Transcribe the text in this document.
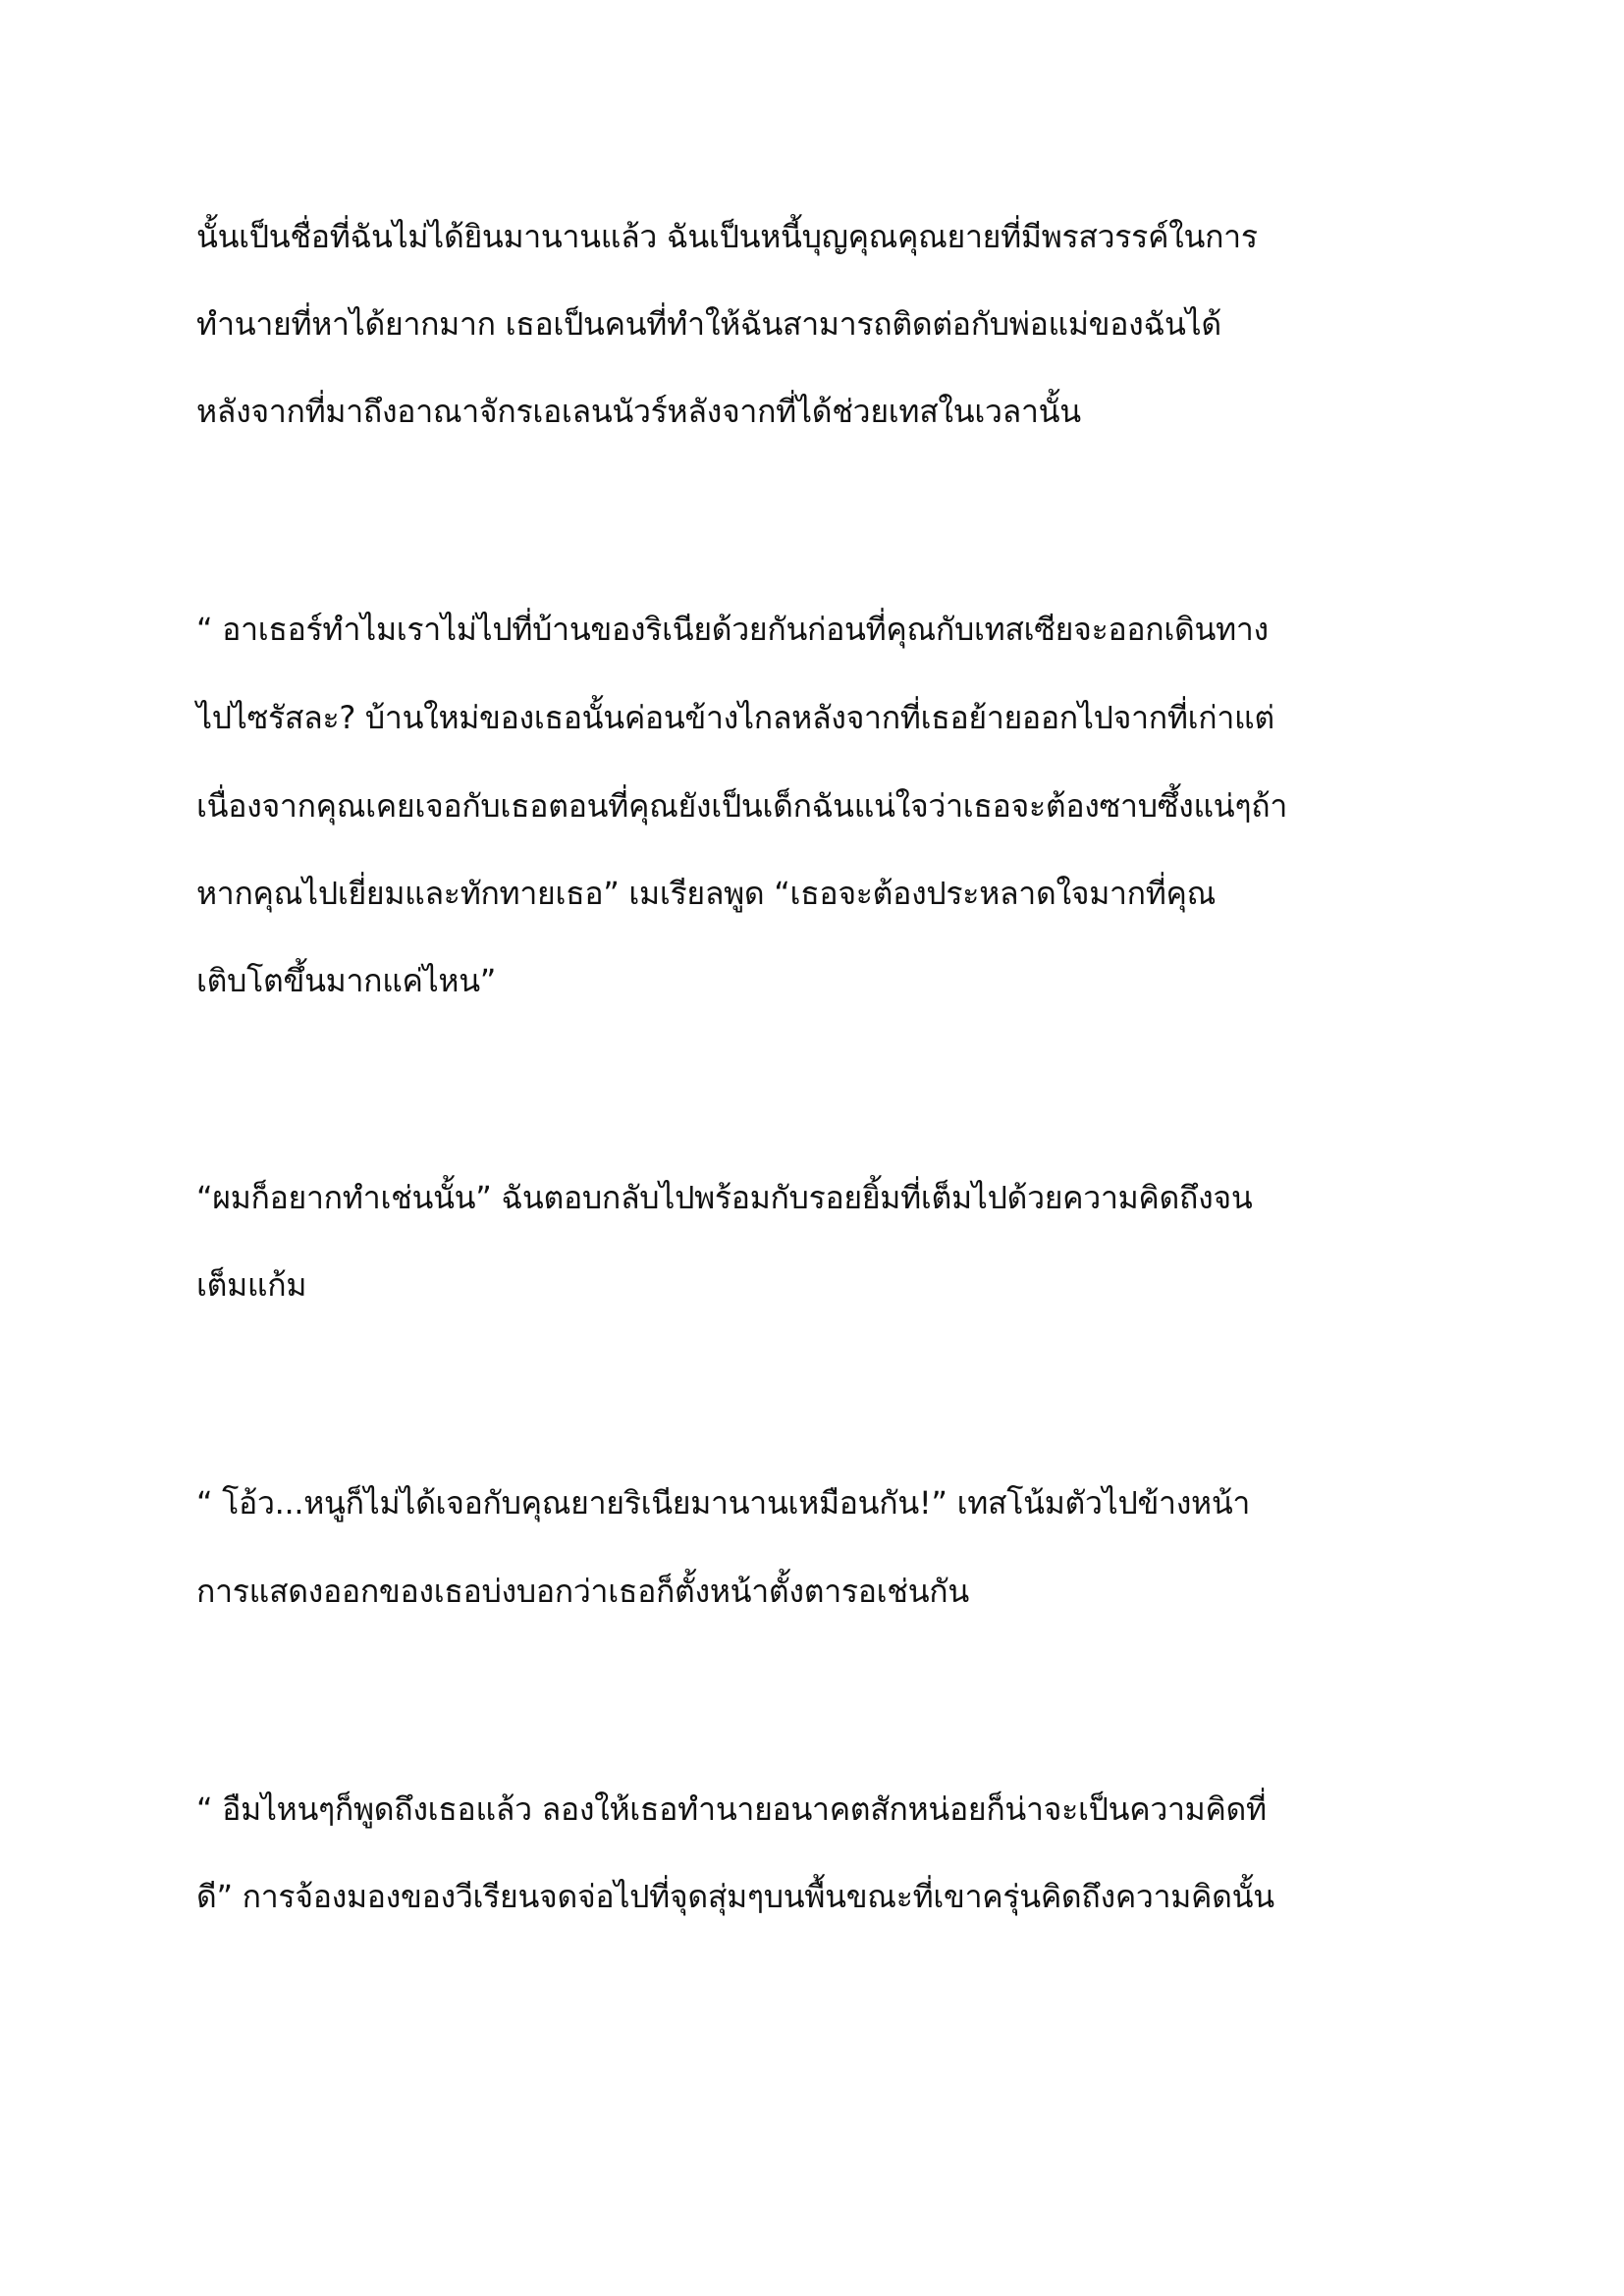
นั้นเป็นชื่อที่ฉันไม่ได้ยินมานานแล้ว ฉันเป็นหนี้บุญคุณคุณยายที่มีพรสวรรค์ในการ

ทำนายที่หาได้ยากมาก เธอเป็นคนที่ทำให้ฉันสามารถติดต่อกับพ่อแม่ของฉันได้

หลังจากที่มาถึงอาณาจักรเอเลนนัวร์หลังจากที่ได้ช่วยเทสในเวลานั้น

“ อาเธอร์ทำไมเราไม่ไปที่บ้านของริเนียด้วยกันก่อนที่คุณกับเทสเซียจะออกเดินทาง

ไปไซรัสละ? บ้านใหม่ของเธอนั้นค่อนข้างไกลหลังจากที่เธอย้ายออกไปจากที่เก่าแต่

เนื่องจากคุณเคยเจอกับเธอตอนที่คุณยังเป็นเด็กฉันแน่ใจว่าเธอจะต้องซาบซึ้งแน่ๆถ้า

หากคุณไปเยี่ยมและทักทายเธอ” เมเรียลพูด “เธอจะต้องประหลาดใจมากที่คุณ

เติบโตขึ้นมากแค่ไหน”

“ผมก็อยากทำเช่นนั้น” ฉันตอบกลับไปพร้อมกับรอยยิ้มที่เต็มไปด้วยความคิดถึงจน

เต็มแก้ม

“ โอ้ว...หนูก็ไม่ได้เจอกับคุณยายริเนียมานานเหมือนกัน!” เทสโน้มตัวไปข้างหน้า

การแสดงออกของเธอบ่งบอกว่าเธอก็ตั้งหน้าตั้งตารอเช่นกัน

“ อืมไหนๆก็พูดถึงเธอแล้ว ลองให้เธอทำนายอนาคตสักหน่อยก็น่าจะเป็นความคิดที่

ดี” การจ้องมองของวีเรียนจดจ่อไปที่จุดสุ่มๆบนพื้นขณะที่เขาครุ่นคิดถึงความคิดนั้น
